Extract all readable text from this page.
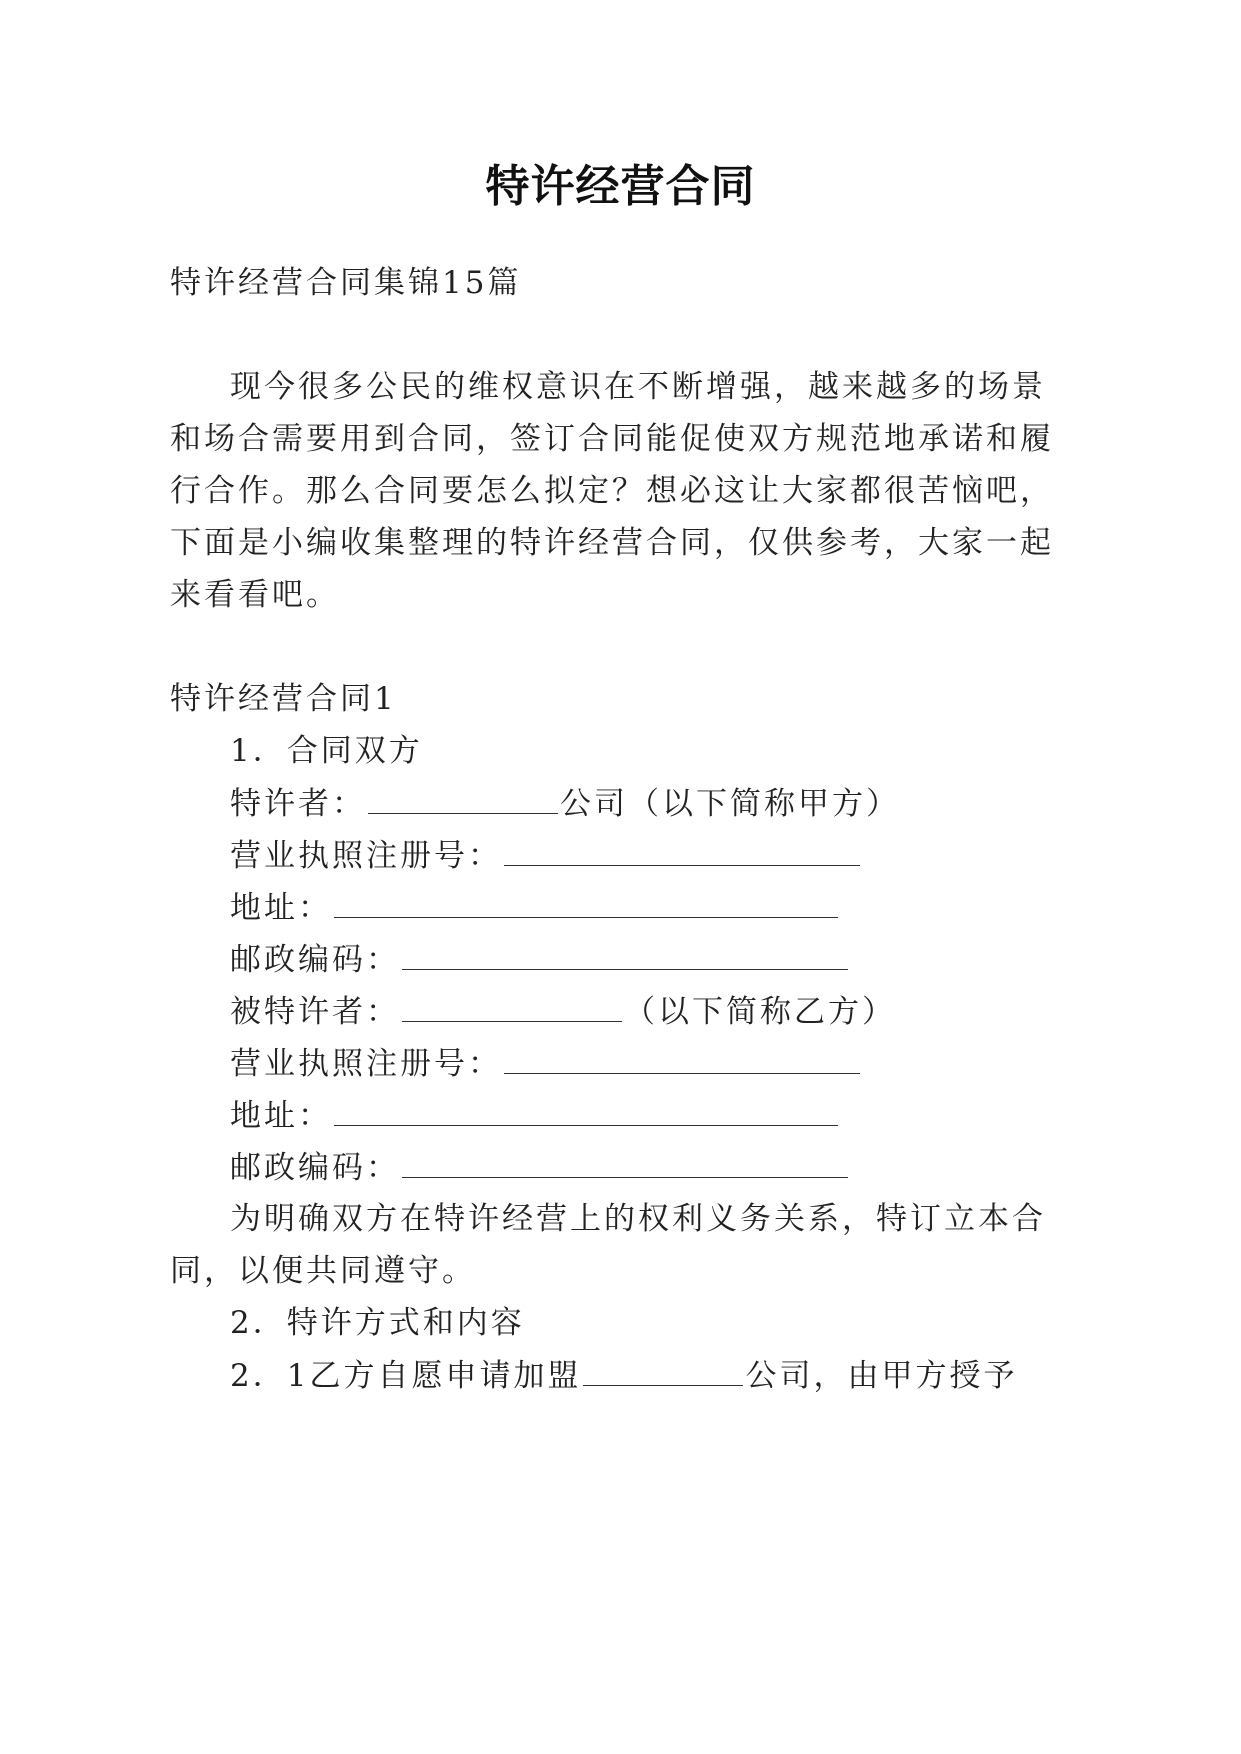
特许经营合同
特许经营合同集锦15篇
现今很多公民的维权意识在不断增强，越来越多的场景
和场合需要用到合同，签订合同能促使双方规范地承诺和履
行合作。那么合同要怎么拟定？想必这让大家都很苦恼吧，
下面是小编收集整理的特许经营合同，仅供参考，大家一起
来看看吧。
特许经营合同1
1．合同双方
特许者：	公司（以下简称甲方）
营业执照注册号：
地址：
邮政编码：
被特许者：	（以下简称乙方）
营业执照注册号：
地址：
邮政编码：
为明确双方在特许经营上的权利义务关系，特订立本合
同，以便共同遵守。
2．特许方式和内容
2．1乙方自愿申请加盟	公司，由甲方授予
